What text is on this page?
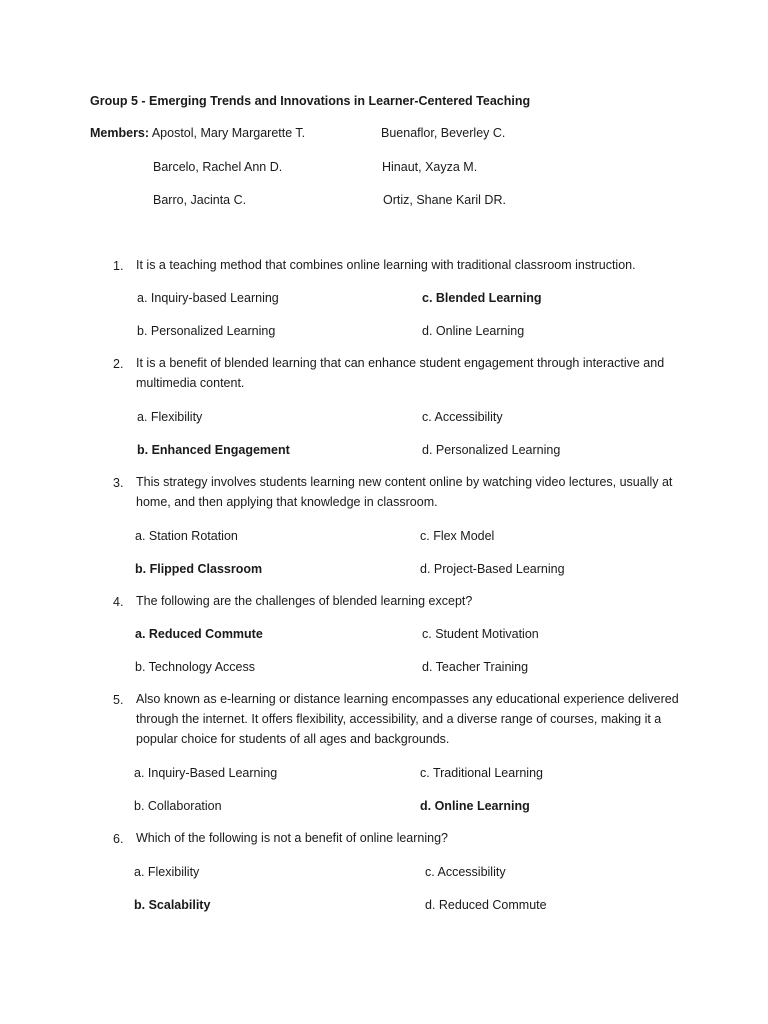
Group 5 - Emerging Trends and Innovations in Learner-Centered Teaching
Members: Apostol, Mary Margarette T.	Buenaflor, Beverley C.
Barcelo, Rachel Ann D.	Hinaut, Xayza M.
Barro, Jacinta C.	Ortiz, Shane Karil DR.
1. It is a teaching method that combines online learning with traditional classroom instruction.
a. Inquiry-based Learning
b. Personalized Learning
c. Blended Learning
d. Online Learning
2. It is a benefit of blended learning that can enhance student engagement through interactive and multimedia content.
a. Flexibility
b. Enhanced Engagement
c. Accessibility
d. Personalized Learning
3. This strategy involves students learning new content online by watching video lectures, usually at home, and then applying that knowledge in classroom.
a. Station Rotation
b. Flipped Classroom
c. Flex Model
d. Project-Based Learning
4. The following are the challenges of blended learning except?
a. Reduced Commute
b. Technology Access
c. Student Motivation
d. Teacher Training
5. Also known as e-learning or distance learning encompasses any educational experience delivered through the internet. It offers flexibility, accessibility, and a diverse range of courses, making it a popular choice for students of all ages and backgrounds.
a. Inquiry-Based Learning
b. Collaboration
c. Traditional Learning
d. Online Learning
6. Which of the following is not a benefit of online learning?
a. Flexibility
b. Scalability
c. Accessibility
d. Reduced Commute
